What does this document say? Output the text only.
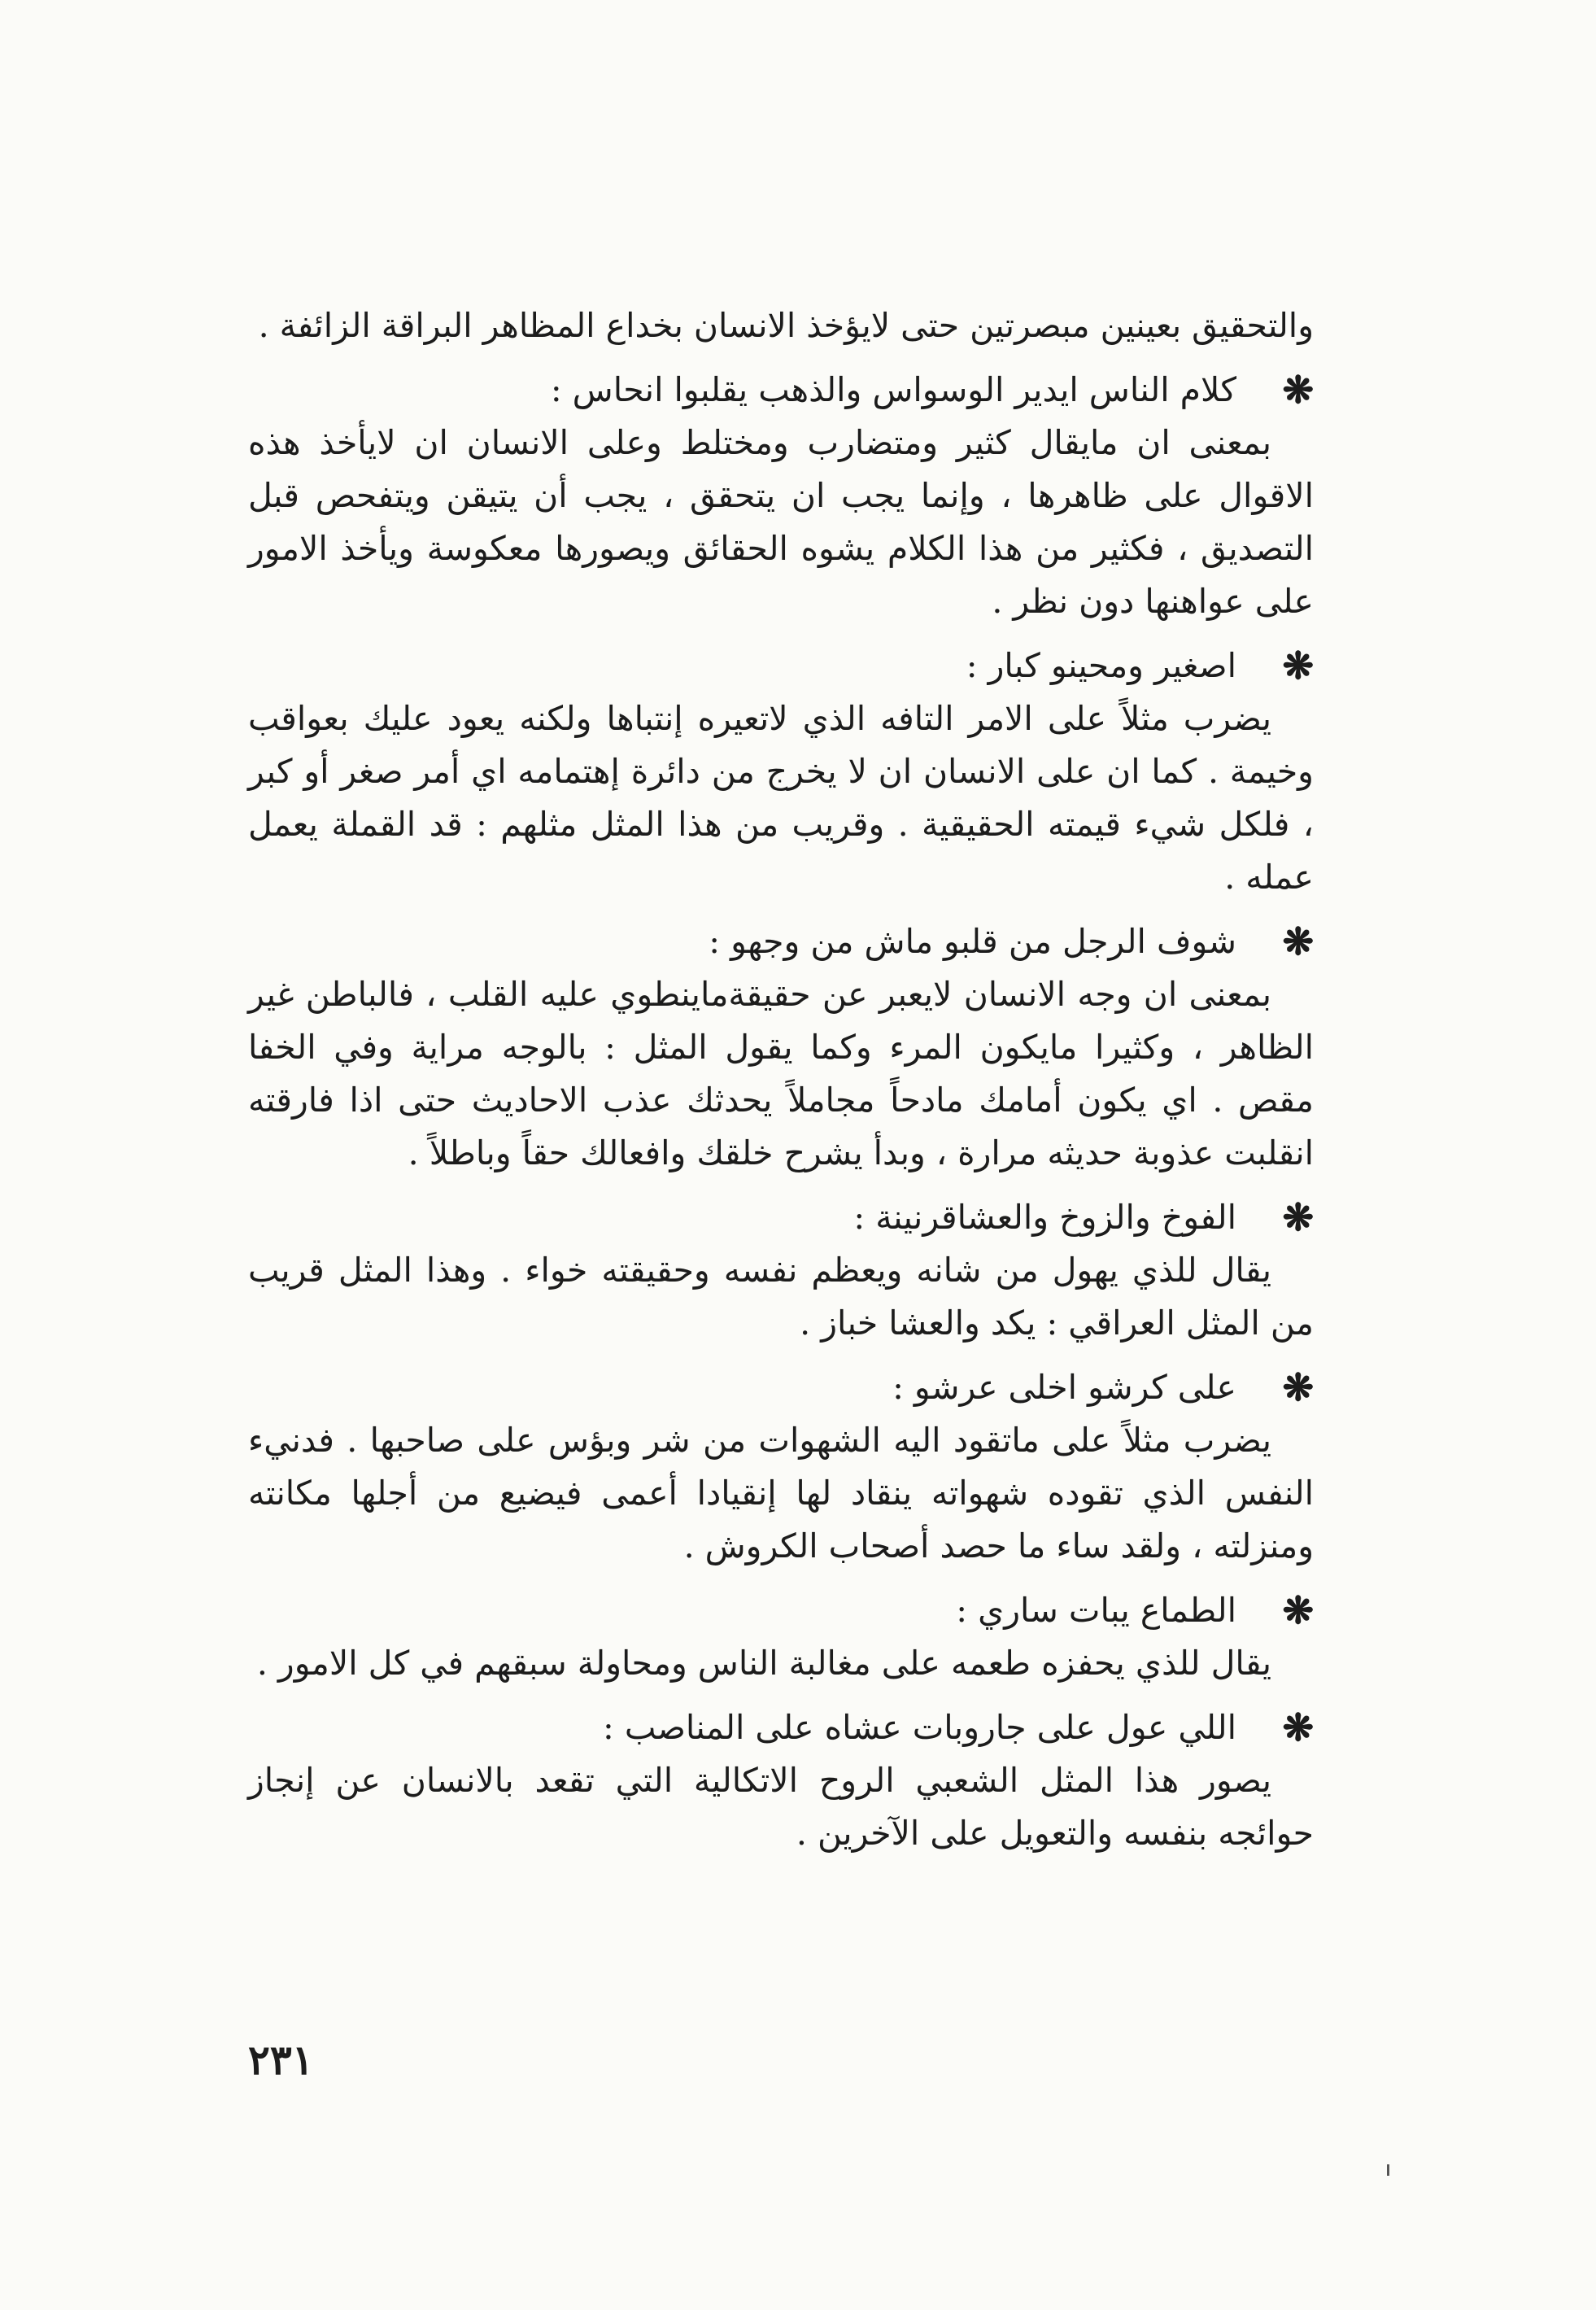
والتحقيق بعينين مبصرتين حتى لايؤخذ الانسان بخداع المظاهر البراقة الزائفة .

❋
كلام الناس ايدير الوسواس والذهب يقلبوا انحاس :

بمعنى ان مايقال كثير ومتضارب ومختلط وعلى الانسان ان لايأخذ هذه الاقوال على ظاهرها ، وإنما يجب ان يتحقق ، يجب أن يتيقن ويتفحص قبل التصديق ، فكثير من هذا الكلام يشوه الحقائق ويصورها معكوسة ويأخذ الامور على عواهنها دون نظر .

❋
اصغير ومحينو كبار :

يضرب مثلاً على الامر التافه الذي لاتعيره إنتباها ولكنه يعود عليك بعواقب وخيمة . كما ان على الانسان ان لا يخرج من دائرة إهتمامه اي أمر صغر أو كبر ، فلكل شيء قيمته الحقيقية . وقريب من هذا المثل مثلهم : قد القملة يعمل عمله .

❋
شوف الرجل من قلبو ماش من وجهو :

بمعنى ان وجه الانسان لايعبر عن حقيقةماينطوي عليه القلب ، فالباطن غير الظاهر ، وكثيرا مايكون المرء وكما يقول المثل : بالوجه مراية وفي الخفا مقص . اي يكون أمامك مادحاً مجاملاً يحدثك عذب الاحاديث حتى اذا فارقته انقلبت عذوبة حديثه مرارة ، وبدأ يشرح خلقك وافعالك حقاً وباطلاً .

❋
الفوخ والزوخ والعشاقرنينة :

يقال للذي يهول من شانه ويعظم نفسه وحقيقته خواء . وهذا المثل قريب من المثل العراقي : يكد والعشا خباز .

❋
على كرشو اخلى عرشو :

يضرب مثلاً على ماتقود اليه الشهوات من شر وبؤس على صاحبها . فدنيء النفس الذي تقوده شهواته ينقاد لها إنقيادا أعمى فيضيع من أجلها مكانته ومنزلته ، ولقد ساء ما حصد أصحاب الكروش .

❋
الطماع يبات ساري :

يقال للذي يحفزه طعمه على مغالبة الناس ومحاولة سبقهم في كل الامور .

❋
اللي عول على جاروبات عشاه على المناصب :

يصور هذا المثل الشعبي الروح الاتكالية التي تقعد بالانسان عن إنجاز حوائجه بنفسه والتعويل على الآخرين .

٢٣١
